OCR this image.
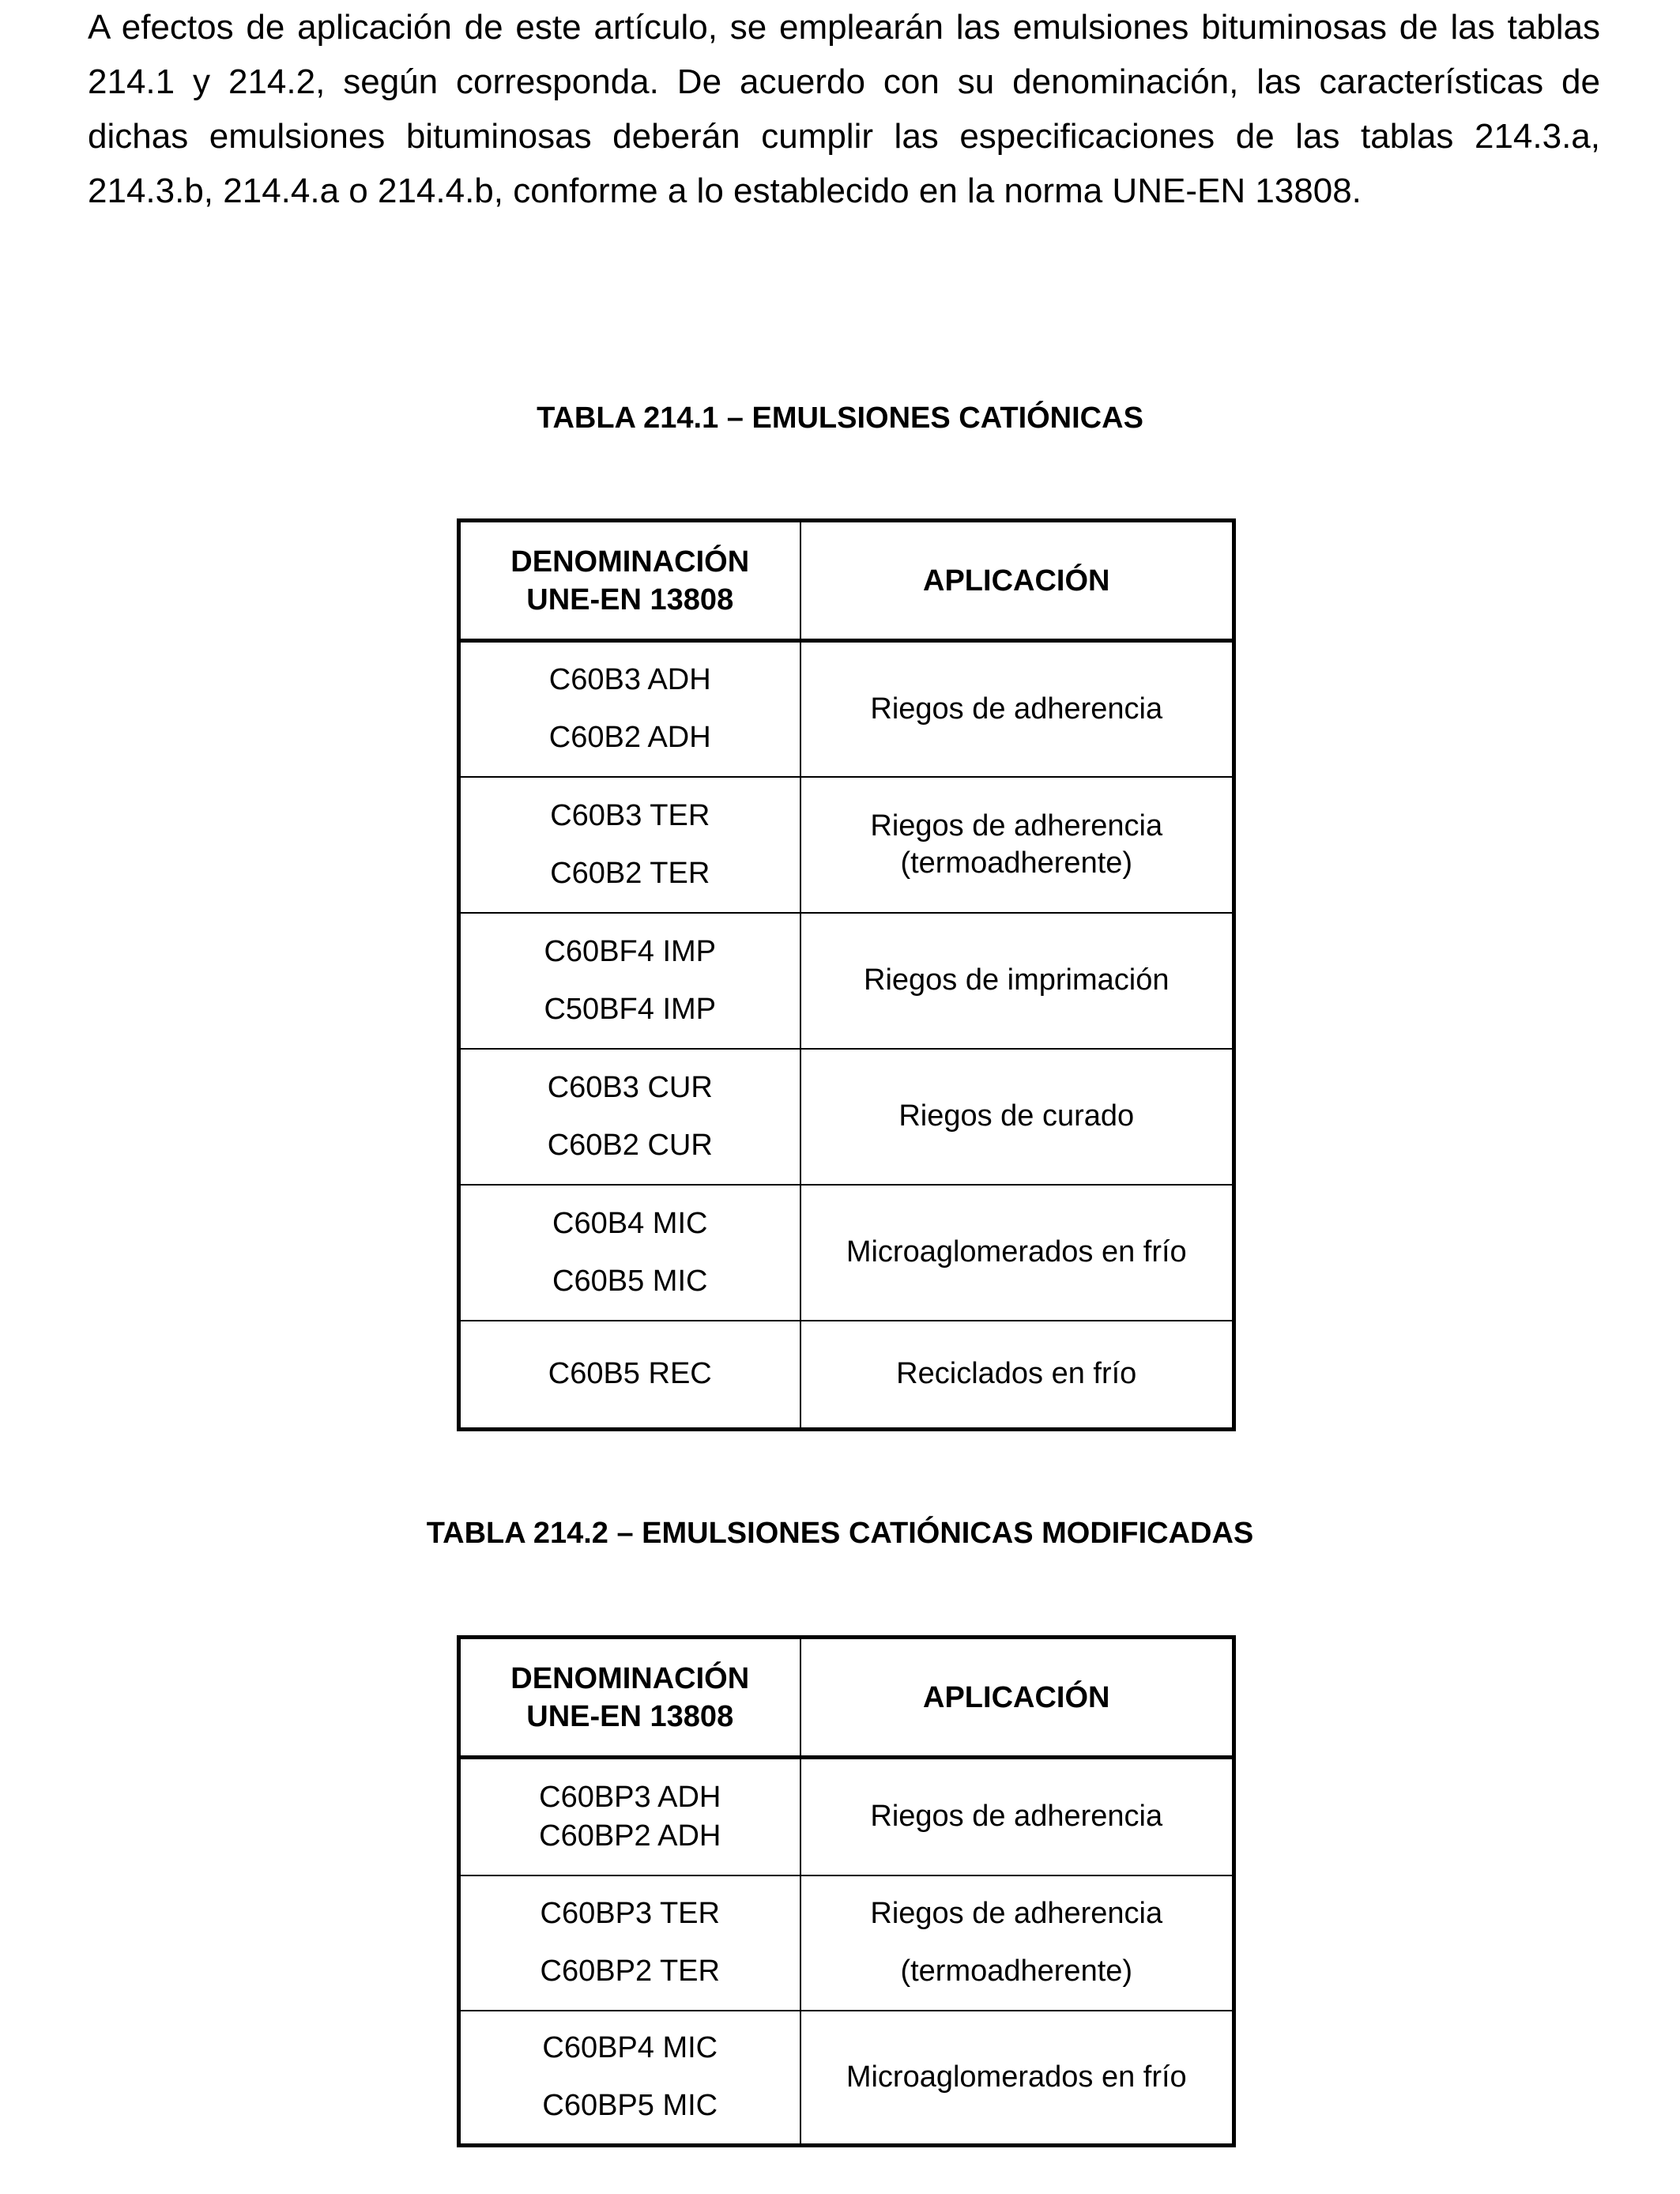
A efectos de aplicación de este artículo, se emplearán las emulsiones bituminosas de las tablas 214.1 y 214.2, según corresponda. De acuerdo con su denominación, las características de dichas emulsiones bituminosas deberán cumplir las especificaciones de las tablas 214.3.a, 214.3.b, 214.4.a o 214.4.b, conforme a lo establecido en la norma UNE-EN 13808.

TABLA 214.1 – EMULSIONES CATIÓNICAS
DENOMINACIÓN
UNE-EN 13808	APLICACIÓN

C60B3 ADH
C60B2 ADH	Riegos de adherencia

C60B3 TER
C60B2 TER	Riegos de adherencia
(termoadherente)

C60BF4 IMP
C50BF4 IMP	Riegos de imprimación

C60B3 CUR
C60B2 CUR	Riegos de curado

C60B4 MIC
C60B5 MIC	Microaglomerados en frío

C60B5 REC	Reciclados en frío
TABLA 214.2 – EMULSIONES CATIÓNICAS MODIFICADAS
DENOMINACIÓN
UNE-EN 13808	APLICACIÓN

C60BP3 ADH
C60BP2 ADH	Riegos de adherencia

C60BP3 TER
C60BP2 TER	Riegos de adherencia
(termoadherente)

C60BP4 MIC
C60BP5 MIC	Microaglomerados en frío
